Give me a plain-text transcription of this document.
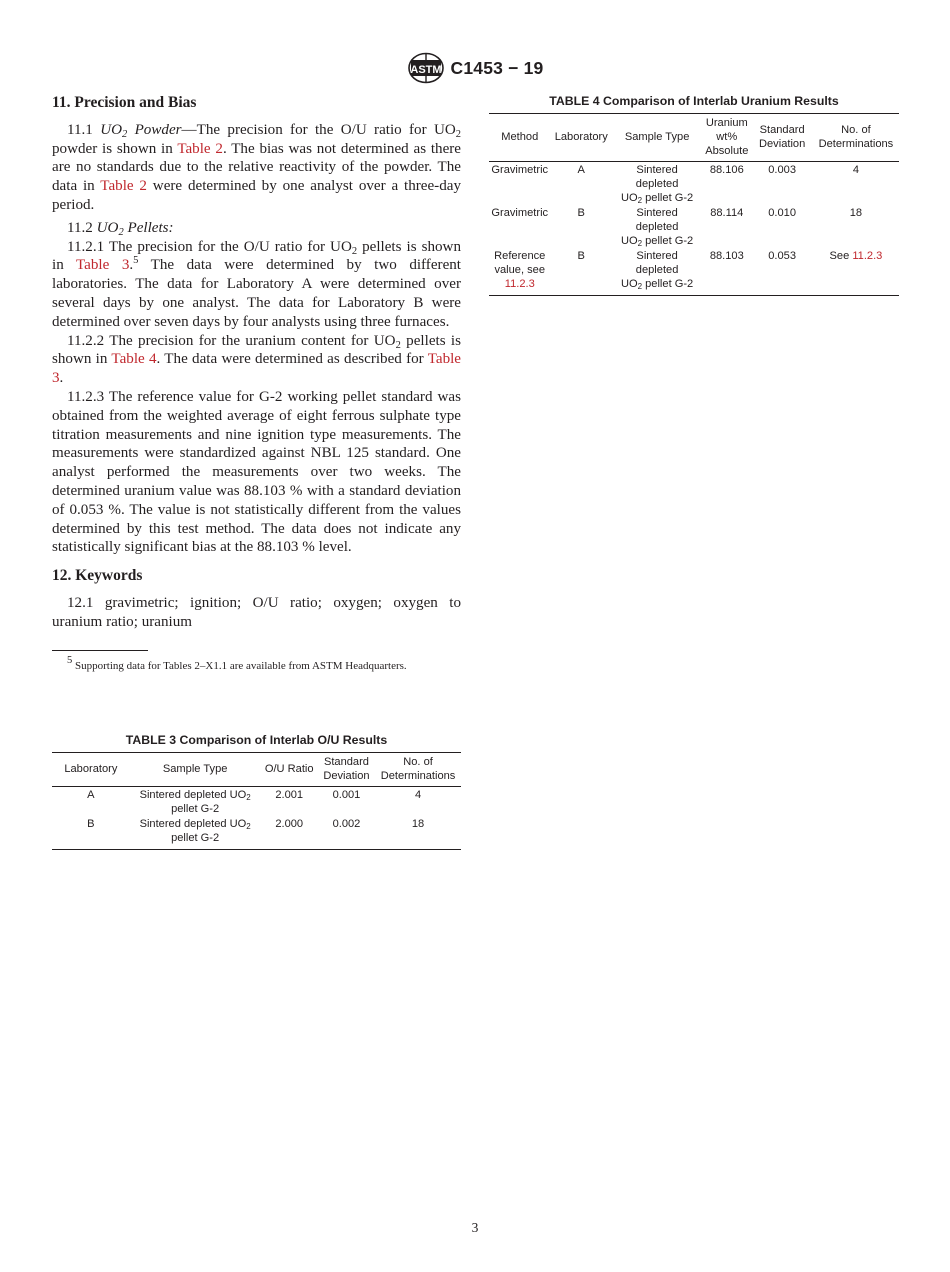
ASTM C1453 − 19

11. Precision and Bias

11.1 $UO_2$ Powder—The precision for the O/U ratio for $UO_2$ powder is shown in Table 2. The bias was not determined as there are no standards due to the relative reactivity of the powder. The data in Table 2 were determined by one analyst over a three-day period.

11.2 $UO_2$ Pellets:

11.2.1 The precision for the O/U ratio for $UO_2$ pellets is shown in Table 3.$^5$ The data were determined by two different laboratories. The data for Laboratory A were determined over several days by one analyst. The data for Laboratory B were determined over seven days by four analysts using three furnaces.

11.2.2 The precision for the uranium content for $UO_2$ pellets is shown in Table 4. The data were determined as described for Table 3.

11.2.3 The reference value for G-2 working pellet standard was obtained from the weighted average of eight ferrous sulphate type titration measurements and nine ignition type measurements. The measurements were standardized against NBL 125 standard. One analyst performed the measurements over two weeks. The determined uranium value was 88.103 % with a standard deviation of 0.053 %. The value is not statistically different from the values determined by this test method. The data does not indicate any statistically significant bias at the 88.103 % level.

12. Keywords

12.1 gravimetric; ignition; O/U ratio; oxygen; oxygen to uranium ratio; uranium

$^5$ Supporting data for Tables 2–X1.1 are available from ASTM Headquarters.

TABLE 3 Comparison of Interlab O/U Results

Laboratory	Sample Type	O/U Ratio	Standard Deviation	No. of Determinations
A	Sintered depleted $UO_2$
pellet G-2	2.001	0.001	4
B	Sintered depleted $UO_2$
pellet G-2	2.000	0.002	18

TABLE 4 Comparison of Interlab Uranium Results

Method	Laboratory	Sample Type	Uranium wt% Absolute	Standard Deviation	No. of Determinations
Gravimetric	A	Sintered depleted
$UO_2$ pellet G-2	88.106	0.003	4
Gravimetric	B	Sintered depleted
$UO_2$ pellet G-2	88.114	0.010	18
Reference value, see
11.2.3	B	Sintered depleted
$UO_2$ pellet G-2	88.103	0.053	See 11.2.3
3
